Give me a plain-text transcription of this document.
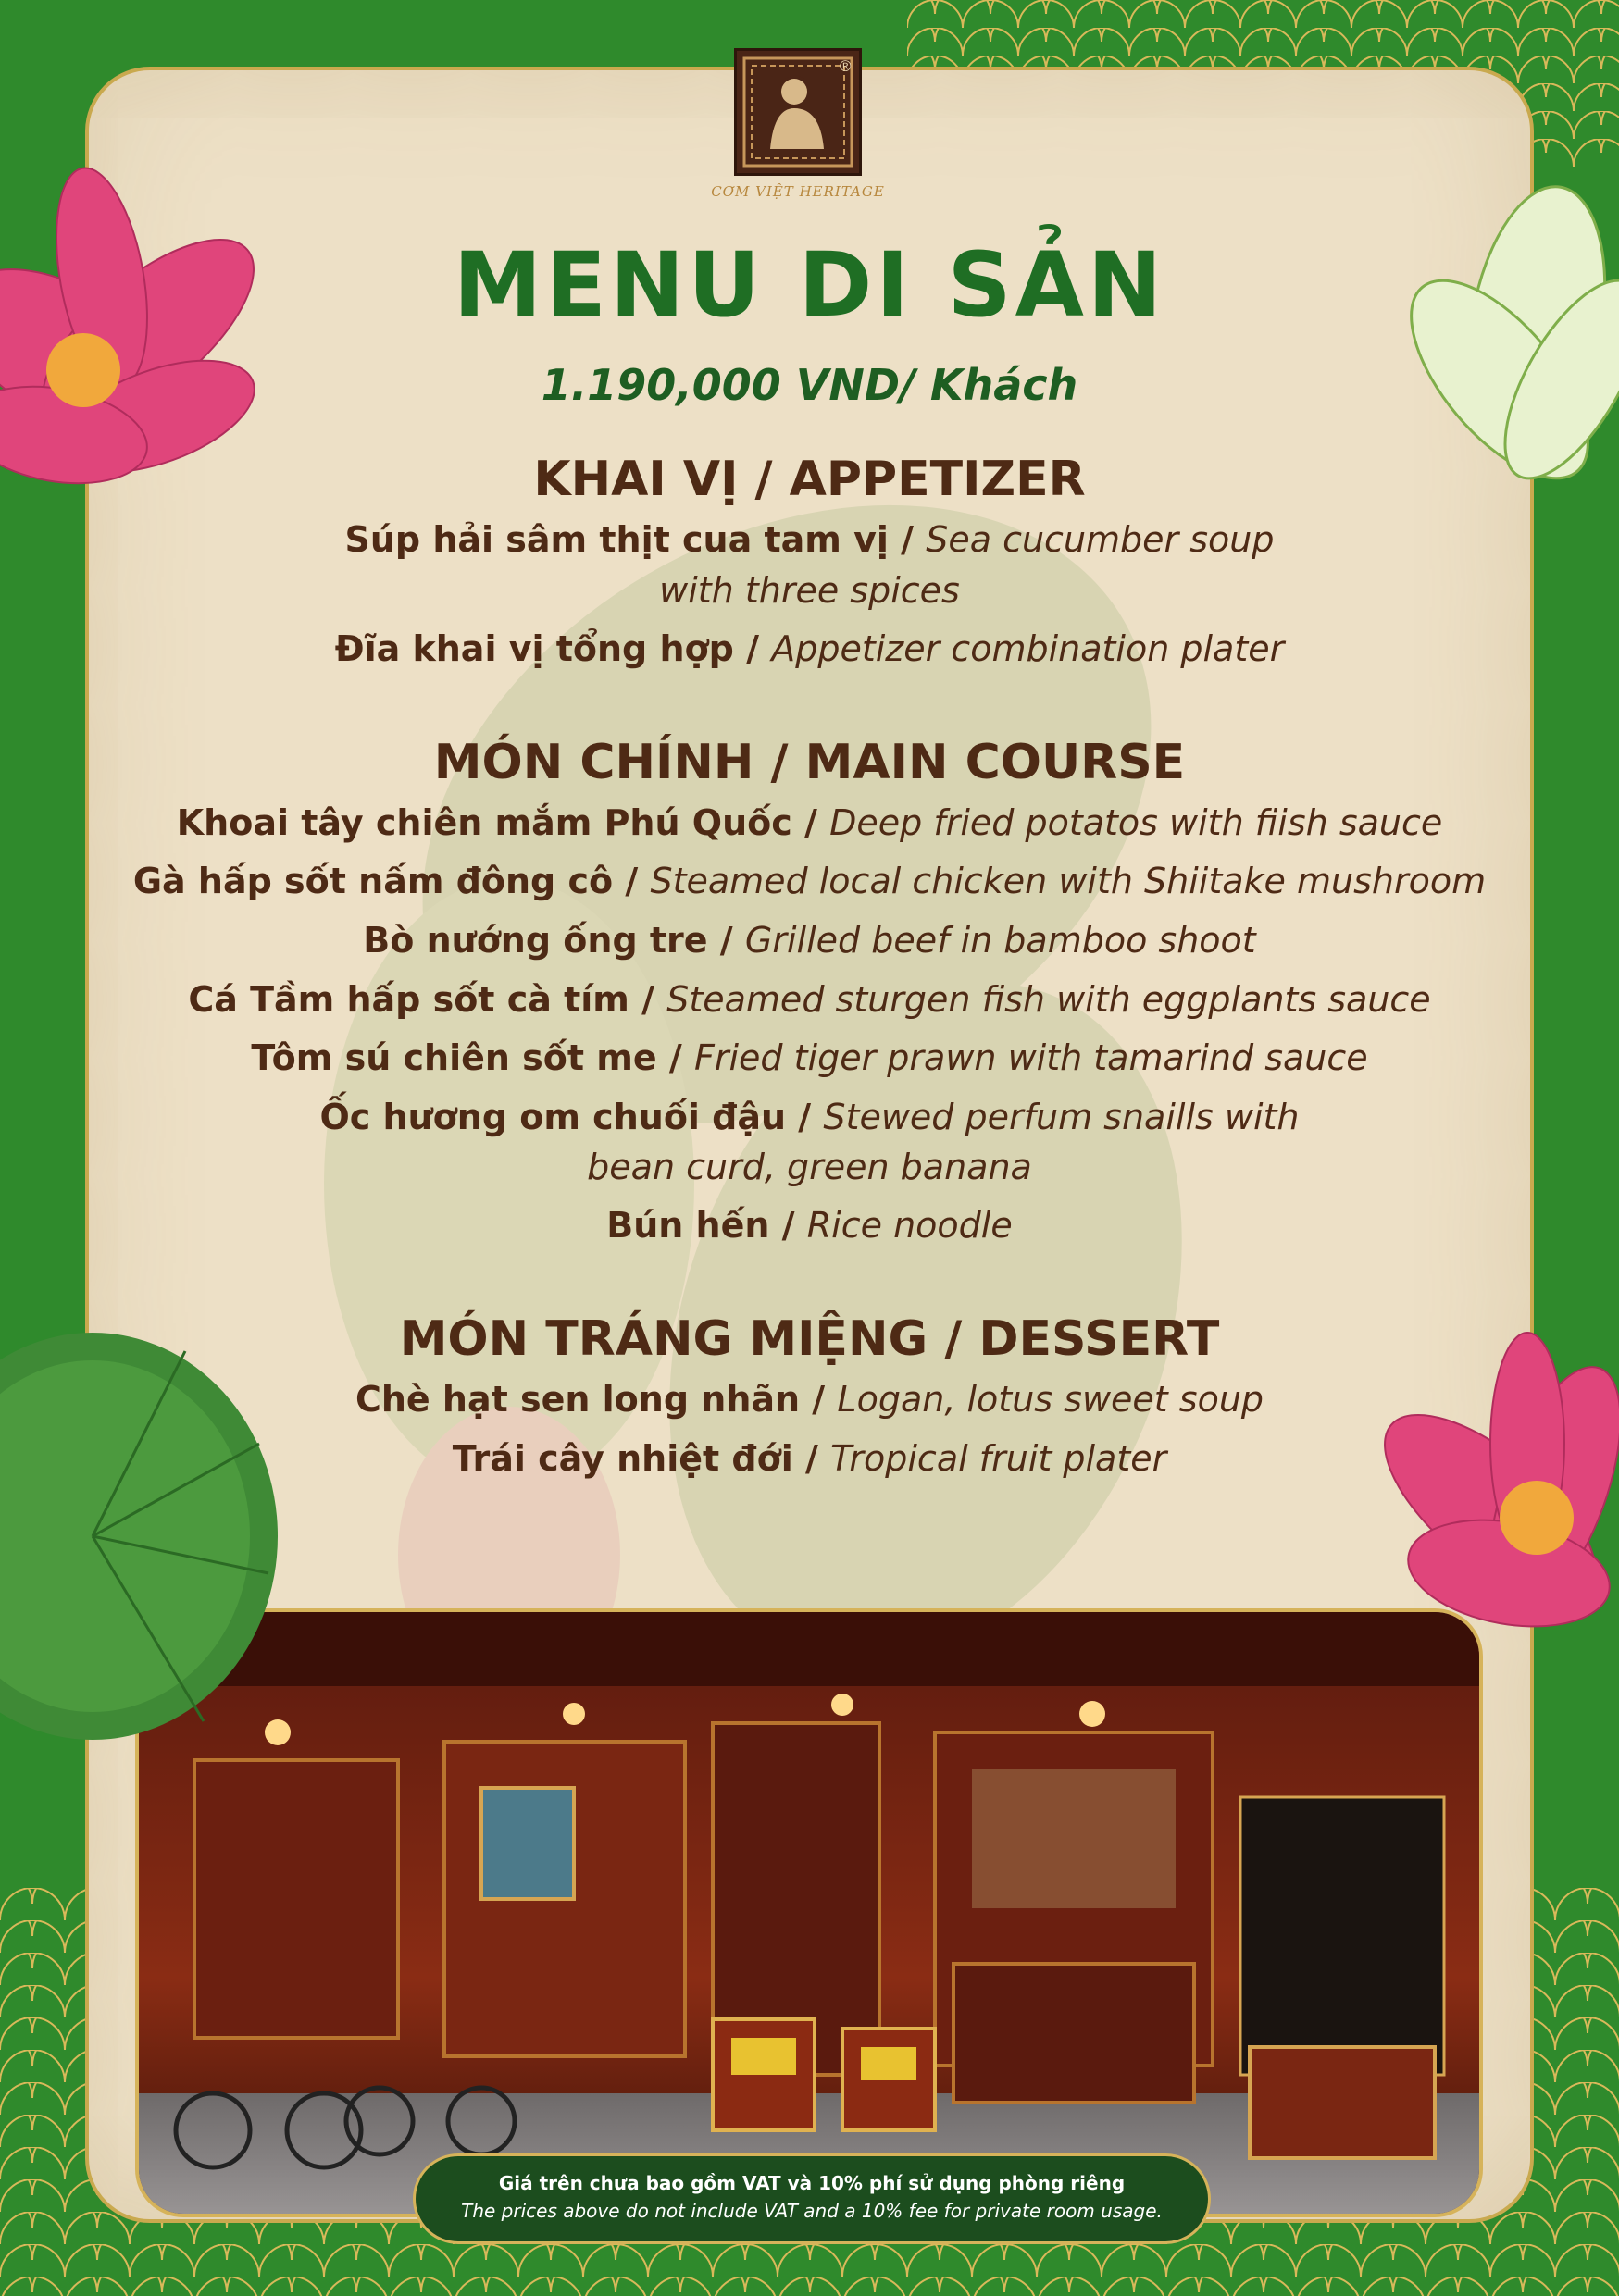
®
CƠM VIỆT HERITAGE
MENU DI SẢN
1.190,000 VND/ Khách
KHAI VỊ / APPETIZER
Súp hải sâm thịt cua tam vị / Sea cucumber soup
with three spices
Đĩa khai vị tổng hợp / Appetizer combination plater
MÓN CHÍNH / MAIN COURSE
Khoai tây chiên mắm Phú Quốc / Deep fried potatos with fiish sauce
Gà hấp sốt nấm đông cô / Steamed local chicken with Shiitake mushroom
Bò nướng ống tre / Grilled beef in bamboo shoot
Cá Tầm hấp sốt cà tím / Steamed sturgen fish with eggplants sauce
Tôm sú chiên sốt me / Fried tiger prawn with tamarind sauce
Ốc hương om chuối đậu / Stewed perfum snaills with
bean curd, green banana
Bún hến / Rice noodle
MÓN TRÁNG MIỆNG / DESSERT
Chè hạt sen long nhãn / Logan, lotus sweet soup
Trái cây nhiệt đới / Tropical fruit plater
Giá trên chưa bao gồm VAT và 10% phí sử dụng phòng riêng
The prices above do not include VAT and a 10% fee for private room usage.
